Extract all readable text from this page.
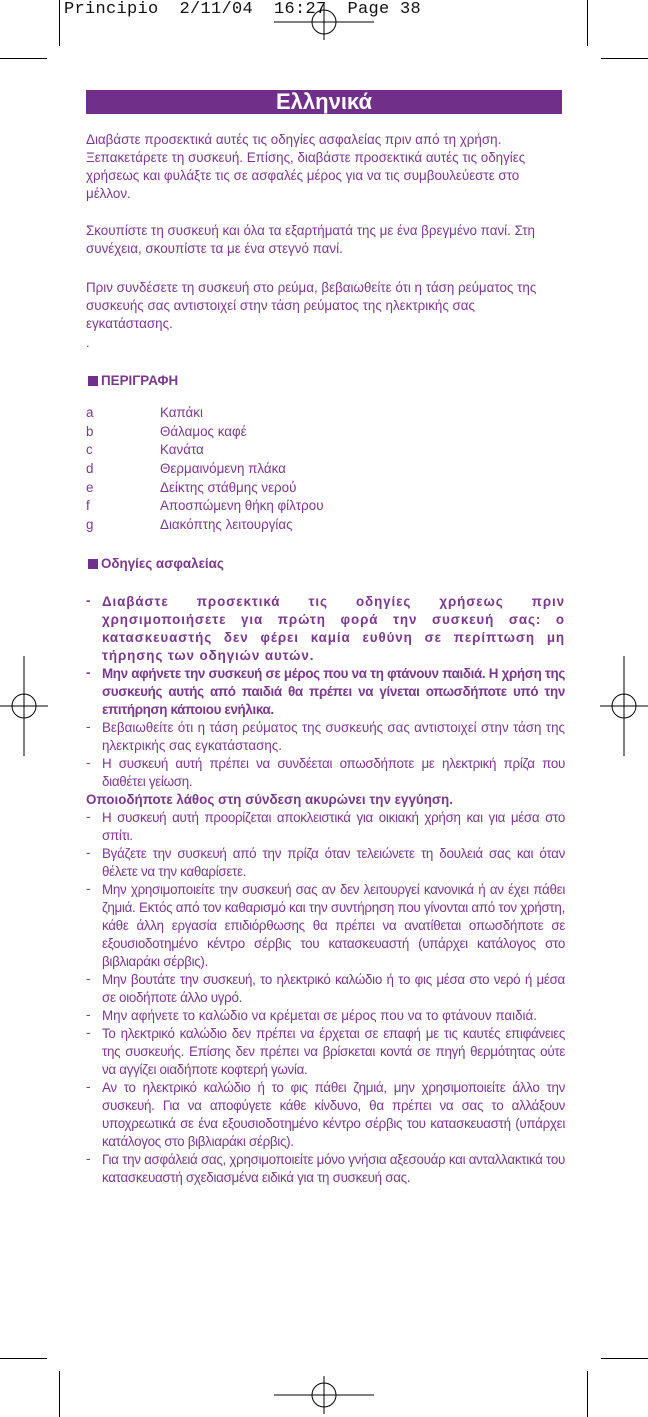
Principio  2/11/04  16:27  Page 38
Ελληνικά

Διαβάστε προσεκτικά αυτές τις οδηγίες ασφαλείας πριν από τη χρήση. Ξεπακετάρετε τη συσκευή. Επίσης, διαβάστε προσεκτικά αυτές τις οδηγίες χρήσεως και φυλάξτε τις σε ασφαλές μέρος για να τις συμβουλεύεστε στο μέλλον.

Σκουπίστε τη συσκευή και όλα τα εξαρτήματά της με ένα βρεγμένο πανί. Στη συνέχεια, σκουπίστε τα με ένα στεγνό πανί.

Πριν συνδέσετε τη συσκευή στο ρεύμα, βεβαιωθείτε ότι η τάση ρεύματος της συσκευής σας αντιστοιχεί στην τάση ρεύματος της ηλεκτρικής σας εγκατάστασης.

.
ΠΕΡΙΓΡΑΦΗ
a	Καπάκι
b	Θάλαμος καφέ
c	Κανάτα
d	Θερμαινόμενη πλάκα
e	Δείκτης στάθμης νερού
f	Αποσπώμενη θήκη φίλτρου
g	Διακόπτης λειτουργίας
Οδηγίες ασφαλείας
- Διαβάστε προσεκτικά τις οδηγίες χρήσεως πριν χρησιμοποιήσετε για πρώτη φορά την συσκευή σας: ο κατασκευαστής δεν φέρει καμία ευθύνη σε περίπτωση μη τήρησης των οδηγιών αυτών.
- Μην αφήνετε την συσκευή σε μέρος που να τη φτάνουν παιδιά. Η χρήση της συσκευής αυτής από παιδιά θα πρέπει να γίνεται οπωσδήποτε υπό την επιτήρηση κάποιου ενήλικα.
- Βεβαιωθείτε ότι η τάση ρεύματος της συσκευής σας αντιστοιχεί στην τάση της ηλεκτρικής σας εγκατάστασης.
- Η συσκευή αυτή πρέπει να συνδέεται οπωσδήποτε με ηλεκτρική πρίζα που διαθέτει γείωση.

Οποιοδήποτε λάθος στη σύνδεση ακυρώνει την εγγύηση.

- Η συσκευή αυτή προορίζεται αποκλειστικά για οικιακή χρήση και για μέσα στο σπίτι.
- Βγάζετε την συσκευή από την πρίζα όταν τελειώνετε τη δουλειά σας και όταν θέλετε να την καθαρίσετε.
- Μην χρησιμοποιείτε την συσκευή σας αν δεν λειτουργεί κανονικά ή αν έχει πάθει ζημιά. Εκτός από τον καθαρισμό και την συντήρηση που γίνονται από τον χρήστη, κάθε άλλη εργασία επιδιόρθωσης θα πρέπει να ανατίθεται οπωσδήποτε σε εξουσιοδοτημένο κέντρο σέρβις του κατασκευαστή (υπάρχει κατάλογος στο βιβλιαράκι σέρβις).
- Μην βουτάτε την συσκευή, το ηλεκτρικό καλώδιο ή το φις μέσα στο νερό ή μέσα σε οιοδήποτε άλλο υγρό.
- Μην αφήνετε το καλώδιο να κρέμεται σε μέρος που να το φτάνουν παιδιά.
- Το ηλεκτρικό καλώδιο δεν πρέπει να έρχεται σε επαφή με τις καυτές επιφάνειες της συσκευής. Επίσης δεν πρέπει να βρίσκεται κοντά σε πηγή θερμότητας ούτε να αγγίζει οιαδήποτε κοφτερή γωνία.
- Αν το ηλεκτρικό καλώδιο ή το φις πάθει ζημιά, μην χρησιμοποιείτε άλλο την συσκευή. Για να αποφύγετε κάθε κίνδυνο, θα πρέπει να σας το αλλάξουν υποχρεωτικά σε ένα εξουσιοδοτημένο κέντρο σέρβις του κατασκευαστή (υπάρχει κατάλογος στο βιβλιαράκι σέρβις).
- Για την ασφάλειά σας, χρησιμοποιείτε μόνο γνήσια αξεσουάρ και ανταλλακτικά του κατασκευαστή σχεδιασμένα ειδικά για τη συσκευή σας.
